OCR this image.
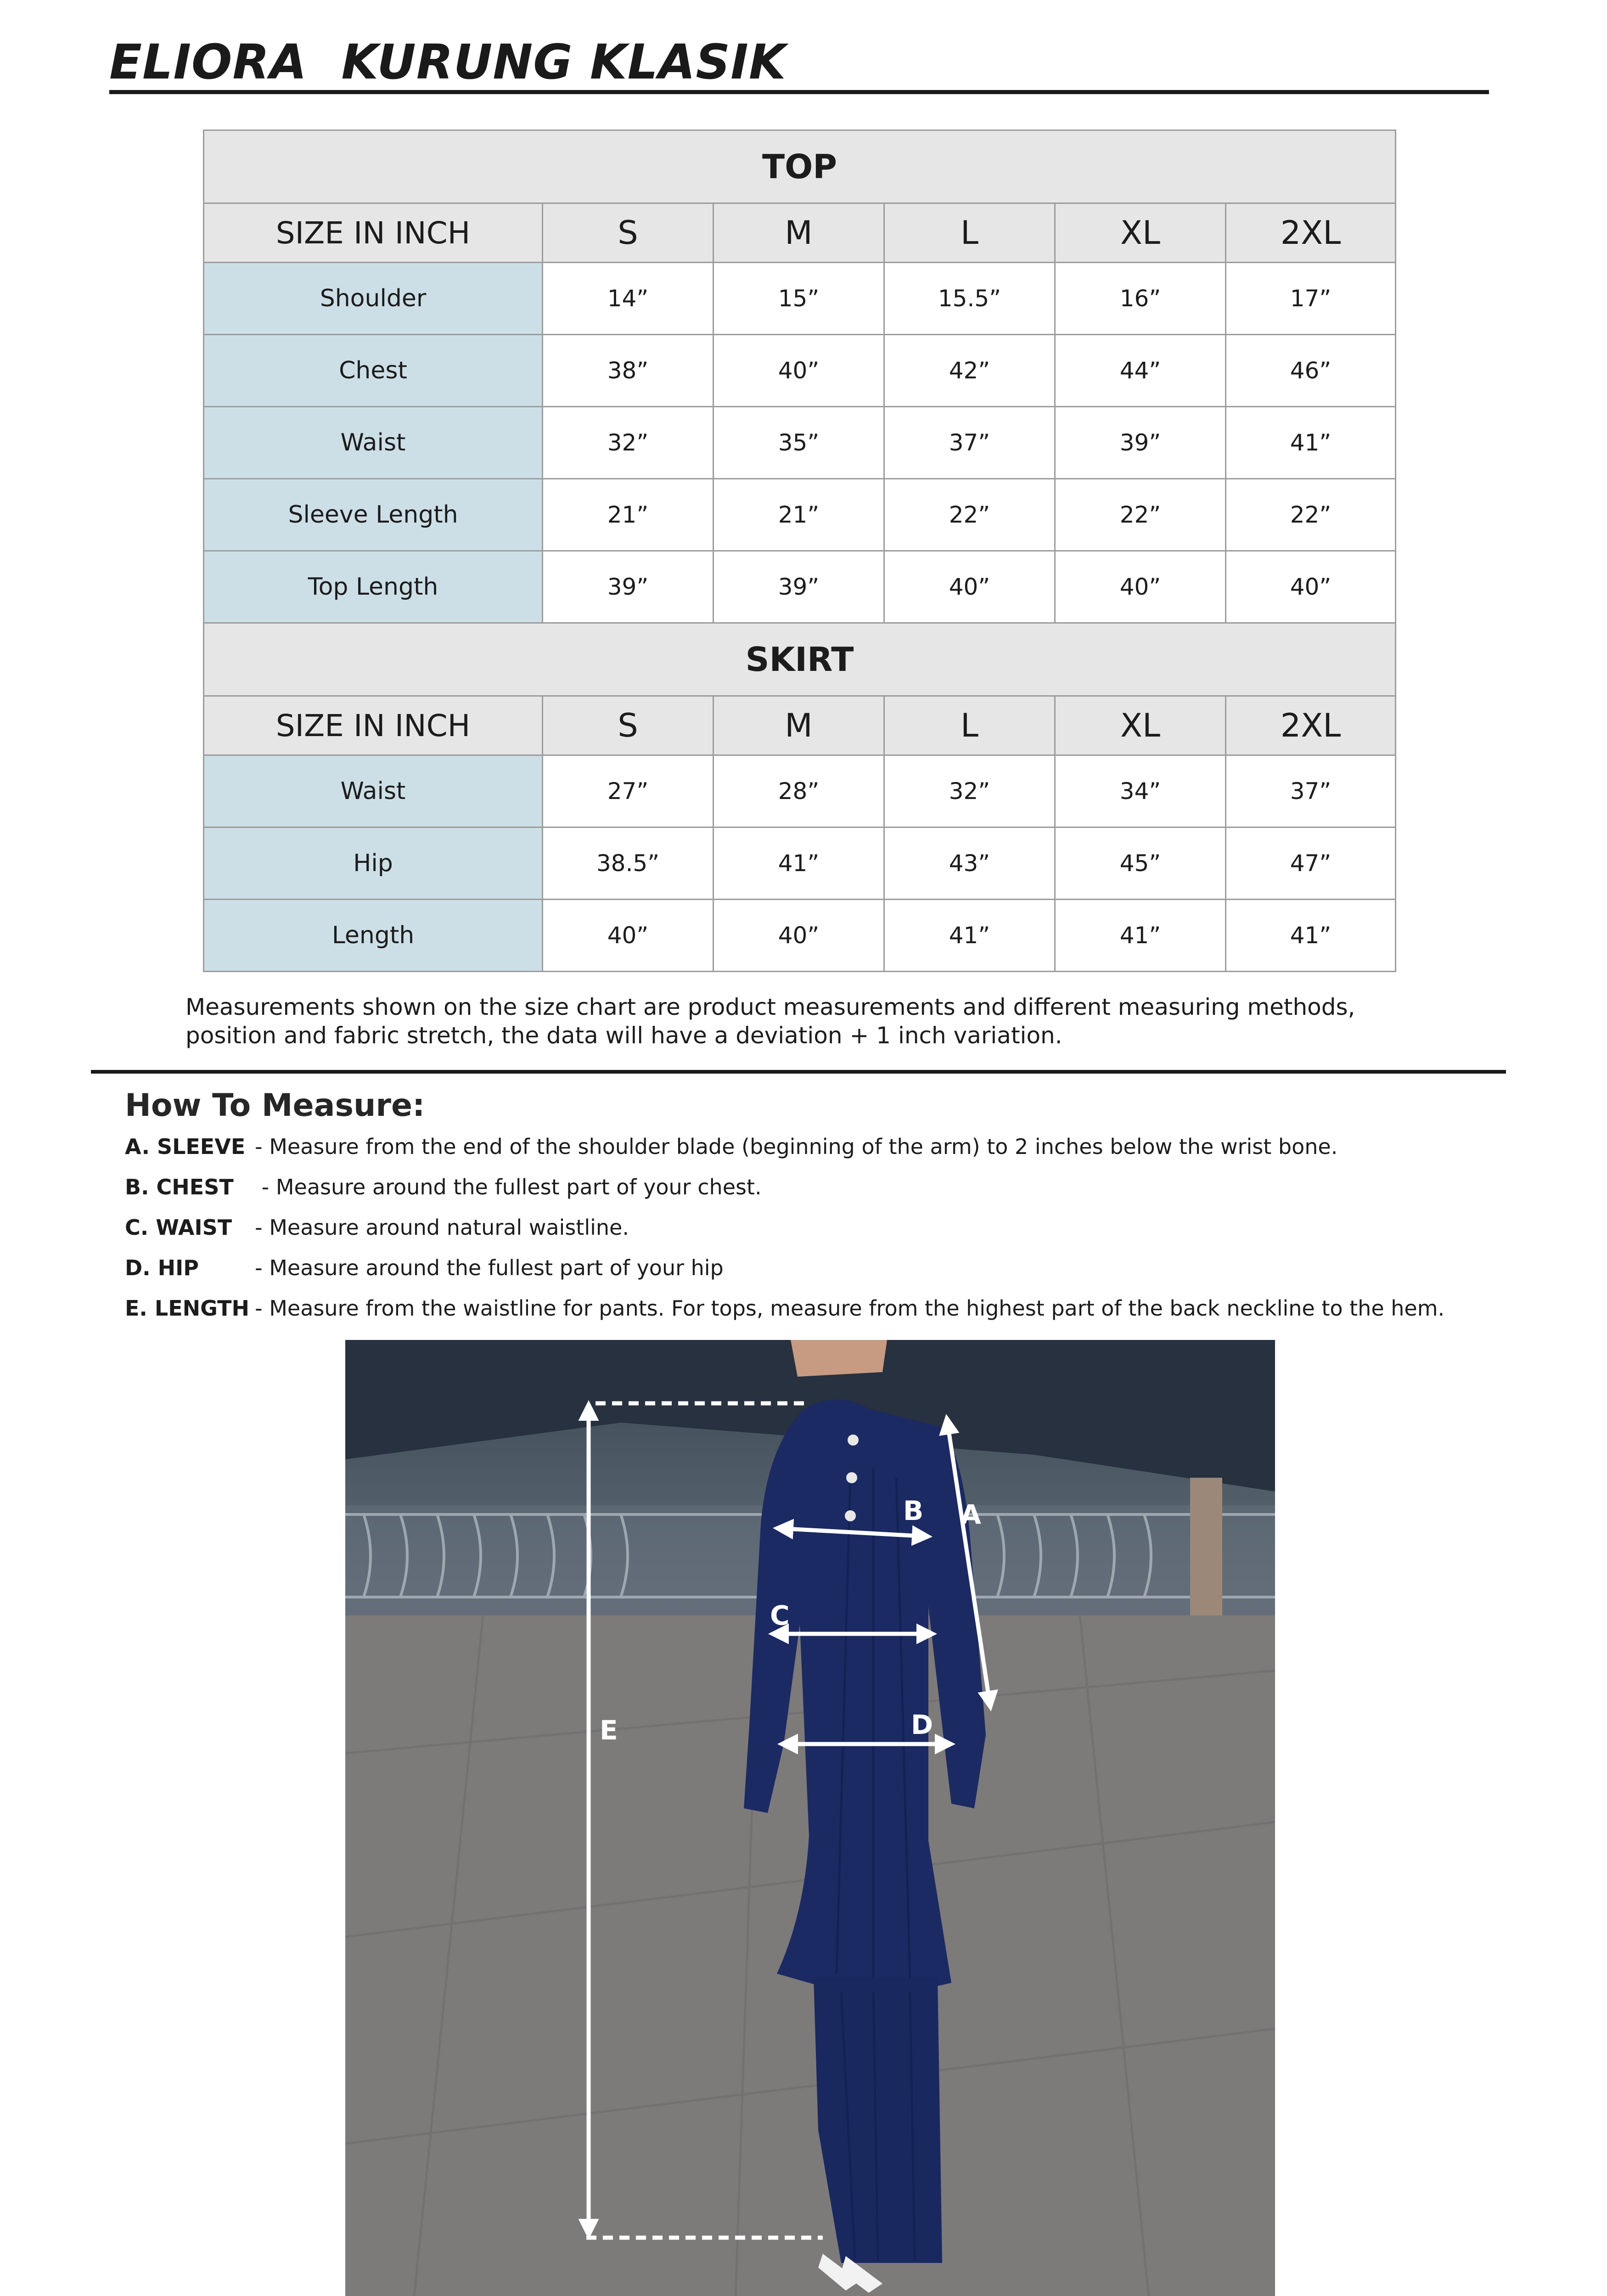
ELIORA  KURUNG KLASIK
TOP					
SIZE IN INCH	S	M	L	XL	2XL
Shoulder	14”	15”	15.5”	16”	17”
Chest	38”	40”	42”	44”	46”
Waist	32”	35”	37”	39”	41”
Sleeve Length	21”	21”	22”	22”	22”
Top Length	39”	39”	40”	40”	40”
SKIRT					
SIZE IN INCH	S	M	L	XL	2XL
Waist	27”	28”	32”	34”	37”
Hip	38.5”	41”	43”	45”	47”
Length	40”	40”	41”	41”	41”

Measurements shown on the size chart are product measurements and different measuring methods, position and fabric stretch, the data will have a deviation + 1 inch variation.

How To Measure:
A. SLEEVE - Measure from the end of the shoulder blade (beginning of the arm) to 2 inches below the wrist bone.
B. CHEST - Measure around the fullest part of your chest.
C. WAIST - Measure around natural waistline.
D. HIP	- Measure around the fullest part of your hip
E. LENGTH - Measure from the waistline for pants. For tops, measure from the highest part of the back neckline to the hem.
A
B
C
D
E
